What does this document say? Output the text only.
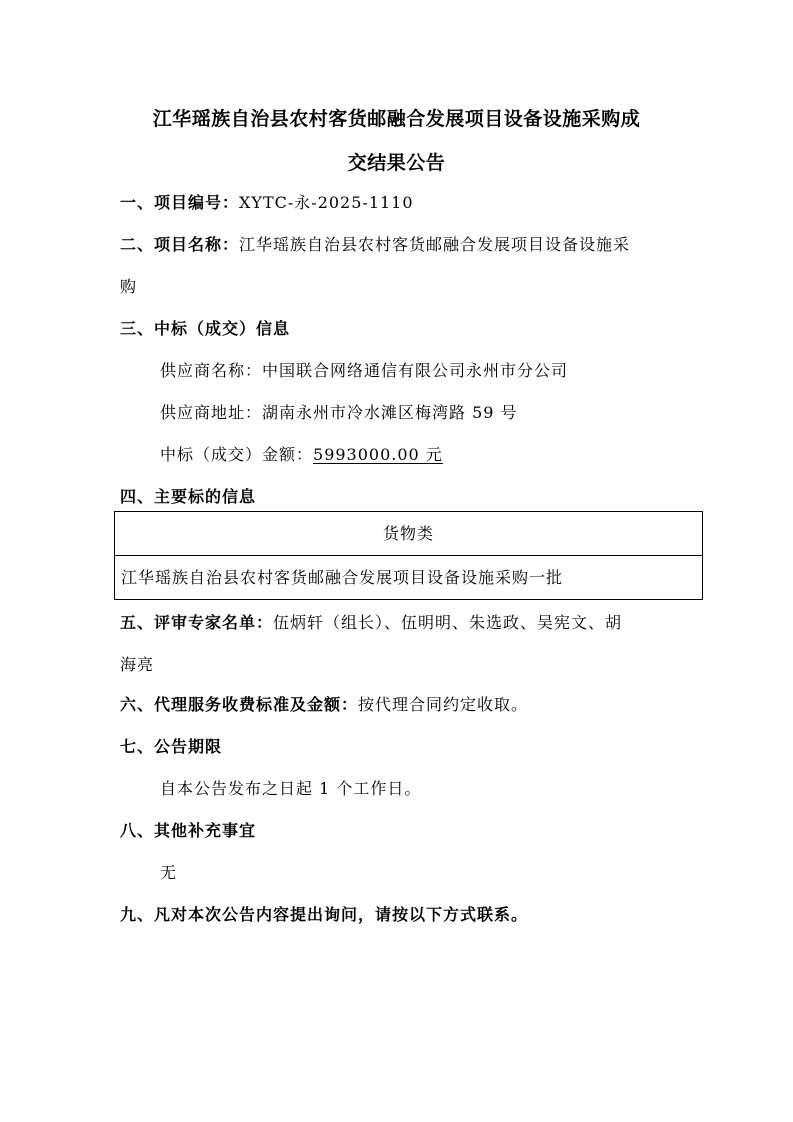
江华瑶族自治县农村客货邮融合发展项目设备设施采购成
交结果公告
一、项目编号：XYTC-永-2025-1110
二、项目名称：江华瑶族自治县农村客货邮融合发展项目设备设施采
购
三、中标（成交）信息
供应商名称：中国联合网络通信有限公司永州市分公司
供应商地址：湖南永州市冷水滩区梅湾路 59 号
中标（成交）金额：5993000.00 元
四、主要标的信息
货物类
江华瑶族自治县农村客货邮融合发展项目设备设施采购一批
五、评审专家名单：伍炳轩（组长）、伍明明、朱选政、吴宪文、胡
海亮
六、代理服务收费标准及金额：按代理合同约定收取。
七、公告期限
自本公告发布之日起 1 个工作日。
八、其他补充事宜
无
九、凡对本次公告内容提出询问，请按以下方式联系。
